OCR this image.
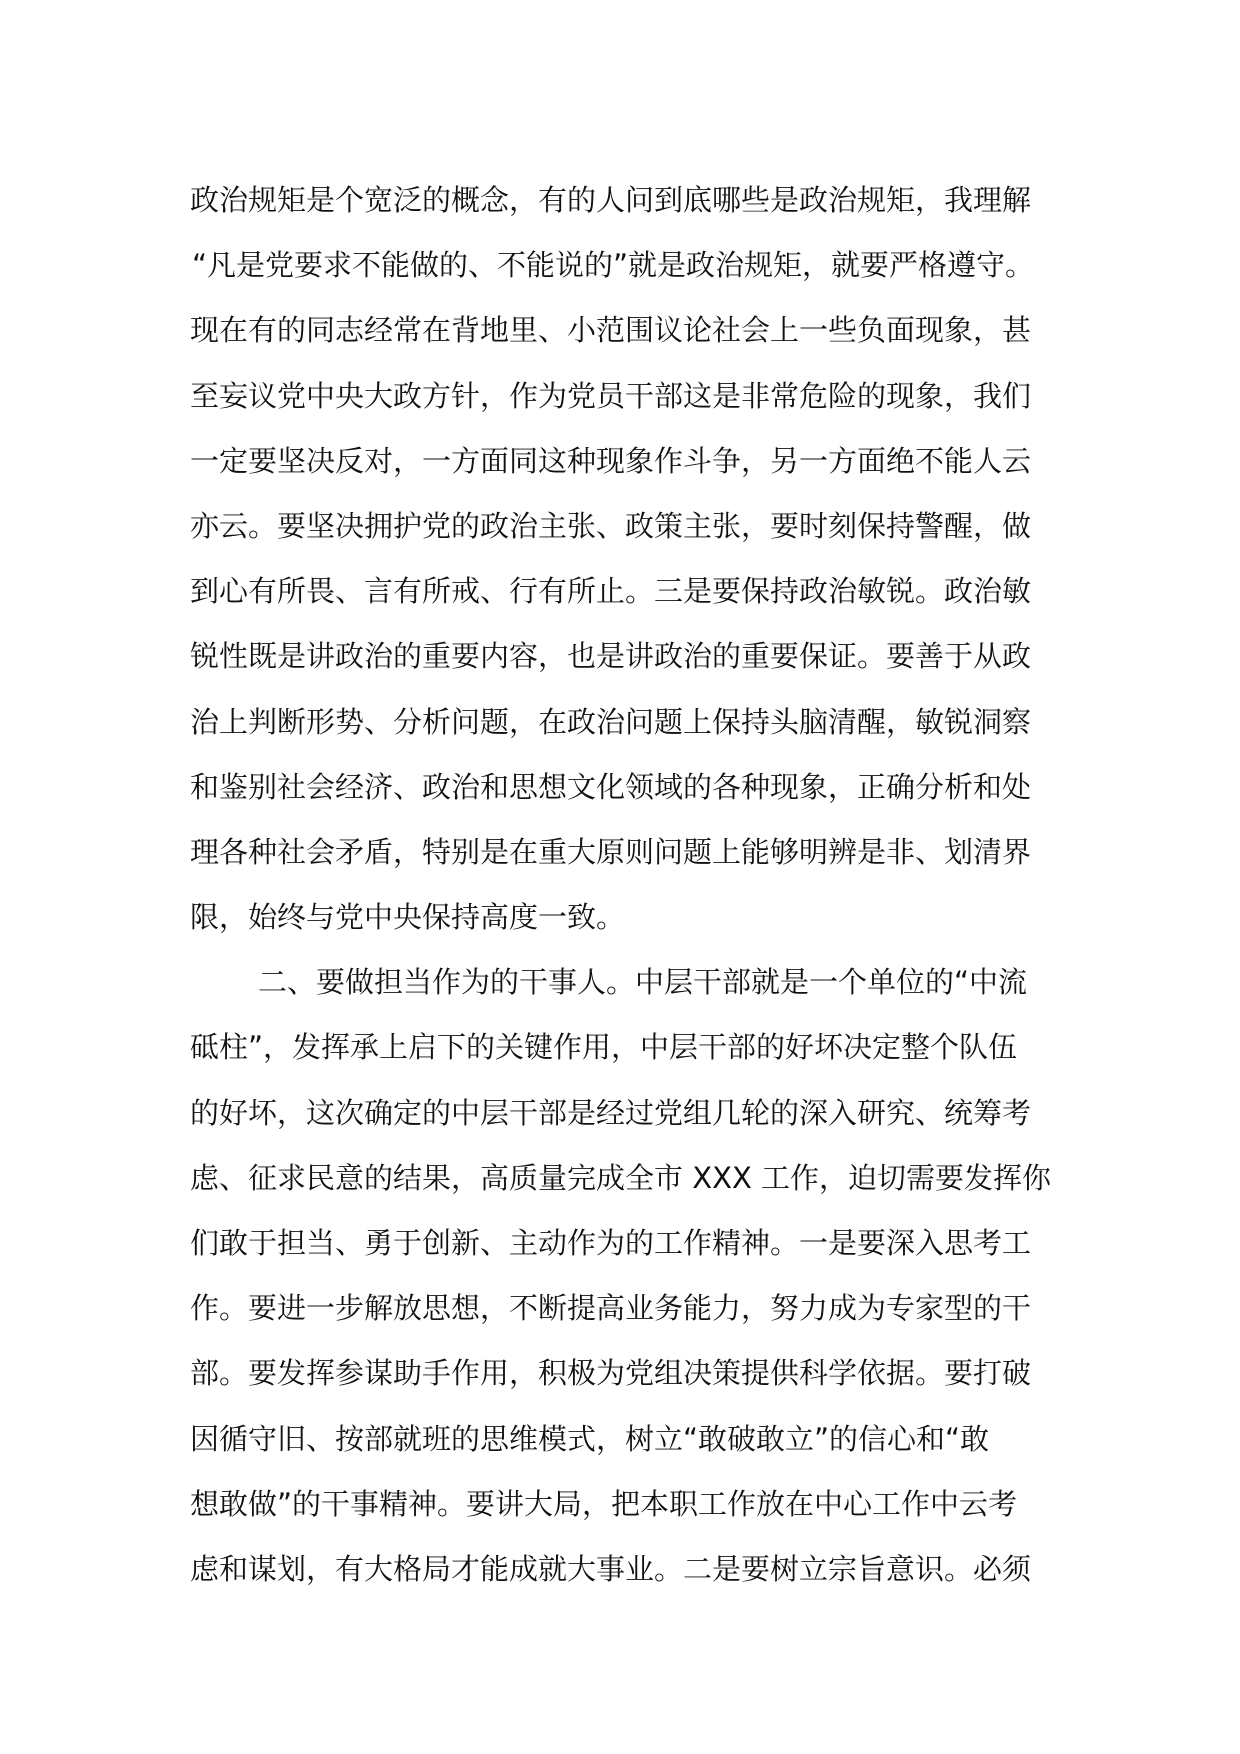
政治规矩是个宽泛的概念，有的人问到底哪些是政治规矩，我理解
“凡是党要求不能做的、不能说的”就是政治规矩，就要严格遵守。
现在有的同志经常在背地里、小范围议论社会上一些负面现象，甚
至妄议党中央大政方针，作为党员干部这是非常危险的现象，我们
一定要坚决反对，一方面同这种现象作斗争，另一方面绝不能人云
亦云。要坚决拥护党的政治主张、政策主张，要时刻保持警醒，做
到心有所畏、言有所戒、行有所止。三是要保持政治敏锐。政治敏
锐性既是讲政治的重要内容，也是讲政治的重要保证。要善于从政
治上判断形势、分析问题，在政治问题上保持头脑清醒，敏锐洞察
和鉴别社会经济、政治和思想文化领域的各种现象，正确分析和处
理各种社会矛盾，特别是在重大原则问题上能够明辨是非、划清界
限，始终与党中央保持高度一致。
二、要做担当作为的干事人。中层干部就是一个单位的“中流
砥柱”，发挥承上启下的关键作用，中层干部的好坏决定整个队伍
的好坏，这次确定的中层干部是经过党组几轮的深入研究、统筹考
虑、征求民意的结果，高质量完成全市 XXX 工作，迫切需要发挥你
们敢于担当、勇于创新、主动作为的工作精神。一是要深入思考工
作。要进一步解放思想，不断提高业务能力，努力成为专家型的干
部。要发挥参谋助手作用，积极为党组决策提供科学依据。要打破
因循守旧、按部就班的思维模式，树立“敢破敢立”的信心和“敢
想敢做”的干事精神。要讲大局，把本职工作放在中心工作中云考
虑和谋划，有大格局才能成就大事业。二是要树立宗旨意识。必须
